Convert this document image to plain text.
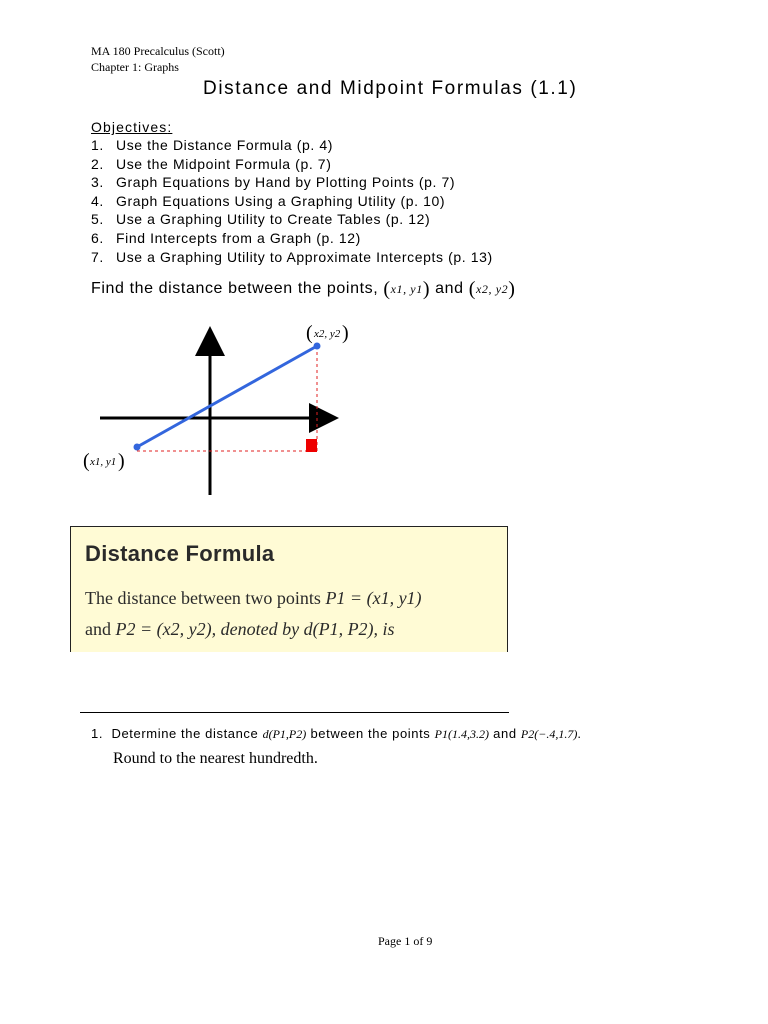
MA 180 Precalculus (Scott)
Chapter 1: Graphs
Distance and Midpoint Formulas (1.1)
Objectives:
1. Use the Distance Formula (p. 4)
2. Use the Midpoint Formula (p. 7)
3. Graph Equations by Hand by Plotting Points (p. 7)
4. Graph Equations Using a Graphing Utility (p. 10)
5. Use a Graphing Utility to Create Tables (p. 12)
6. Find Intercepts from a Graph (p. 12)
7. Use a Graphing Utility to Approximate Intercepts (p. 13)
Find the distance between the points, (x1, y1) and (x2, y2)
( x2, y2 )
( x1, y1 )
Distance Formula
The distance between two points P1 = (x1, y1)
and P2 = (x2, y2), denoted by d(P1, P2), is
1. Determine the distance d(P1,P2) between the points P1(1.4,3.2) and P2(−.4,1.7).
Round to the nearest hundredth.
Page 1 of 9
